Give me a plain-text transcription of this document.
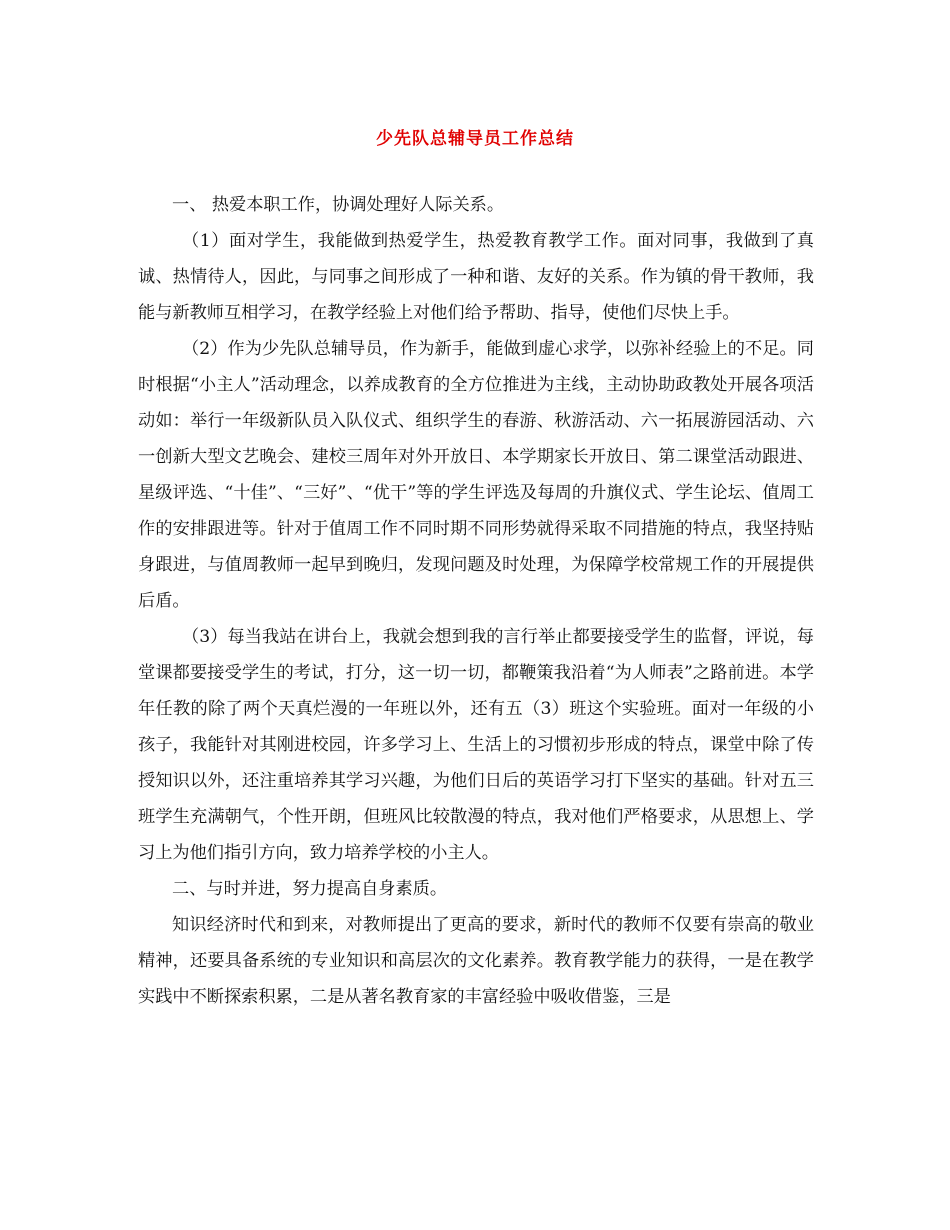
少先队总辅导员工作总结

一、 热爱本职工作，协调处理好人际关系。

（1）面对学生，我能做到热爱学生，热爱教育教学工作。面对同事，我做到了真诚、热情待人，因此，与同事之间形成了一种和谐、友好的关系。作为镇的骨干教师，我能与新教师互相学习，在教学经验上对他们给予帮助、指导，使他们尽快上手。

（2）作为少先队总辅导员，作为新手，能做到虚心求学，以弥补经验上的不足。同时根据“小主人”活动理念，以养成教育的全方位推进为主线，主动协助政教处开展各项活动如：举行一年级新队员入队仪式、组织学生的春游、秋游活动、六一拓展游园活动、六一创新大型文艺晚会、建校三周年对外开放日、本学期家长开放日、第二课堂活动跟进、星级评选、“十佳”、“三好”、“优干”等的学生评选及每周的升旗仪式、学生论坛、值周工作的安排跟进等。针对于值周工作不同时期不同形势就得采取不同措施的特点，我坚持贴身跟进，与值周教师一起早到晚归，发现问题及时处理，为保障学校常规工作的开展提供后盾。

（3）每当我站在讲台上，我就会想到我的言行举止都要接受学生的监督，评说，每堂课都要接受学生的考试，打分，这一切一切，都鞭策我沿着“为人师表”之路前进。本学年任教的除了两个天真烂漫的一年班以外，还有五（3）班这个实验班。面对一年级的小孩子，我能针对其刚进校园，许多学习上、生活上的习惯初步形成的特点，课堂中除了传授知识以外，还注重培养其学习兴趣，为他们日后的英语学习打下坚实的基础。针对五三班学生充满朝气，个性开朗，但班风比较散漫的特点，我对他们严格要求，从思想上、学习上为他们指引方向，致力培养学校的小主人。

二、与时并进，努力提高自身素质。

知识经济时代和到来，对教师提出了更高的要求，新时代的教师不仅要有崇高的敬业精神，还要具备系统的专业知识和高层次的文化素养。教育教学能力的获得，一是在教学实践中不断探索积累，二是从著名教育家的丰富经验中吸收借鉴，三是
